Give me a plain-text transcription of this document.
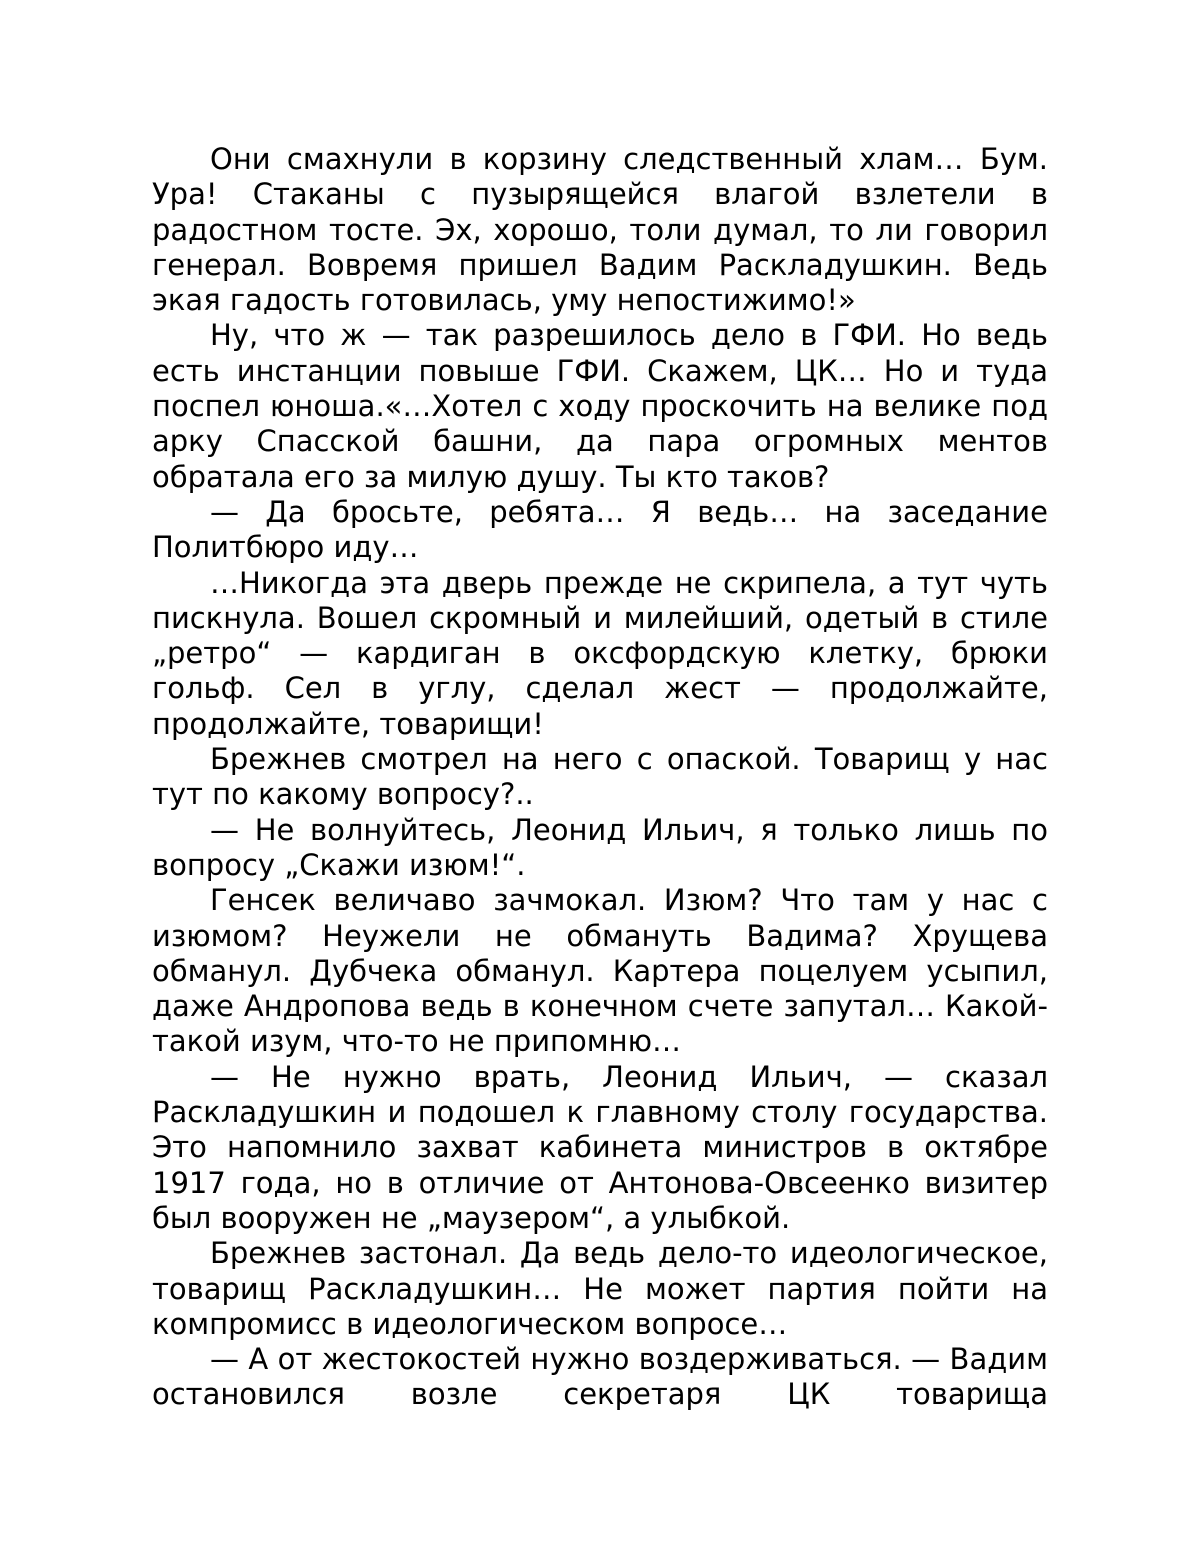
Они смахнули в корзину следственный хлам… Бум. Ура! Стаканы с пузырящейся влагой взлетели в радостном тосте. Эх, хорошо, толи думал, то ли говорил генерал. Вовремя пришел Вадим Раскладушкин. Ведь экая гадость готовилась, уму непостижимо!»

Ну, что ж — так разрешилось дело в ГФИ. Но ведь есть инстанции повыше ГФИ. Скажем, ЦК… Но и туда поспел юноша.«…Хотел с ходу проскочить на велике под арку Спасской башни, да пара огромных ментов обратала его за милую душу. Ты кто таков?

— Да бросьте, ребята… Я ведь… на заседание Политбюро иду…

…Никогда эта дверь прежде не скрипела, а тут чуть пискнула. Вошел скромный и милейший, одетый в стиле „ретро“ — кардиган в оксфордскую клетку, брюки гольф. Сел в углу, сделал жест — продолжайте, продолжайте, товарищи!

Брежнев смотрел на него с опаской. Товарищ у нас тут по какому вопросу?..

— Не волнуйтесь, Леонид Ильич, я только лишь по вопросу „Скажи изюм!“.

Генсек величаво зачмокал. Изюм? Что там у нас с изюмом? Неужели не обмануть Вадима? Хрущева обманул. Дубчека обманул. Картера поцелуем усыпил, даже Андропова ведь в конечном счете запутал… Какой-такой изум, что-то не припомню…

— Не нужно врать, Леонид Ильич, — сказал Раскладушкин и подошел к главному столу государства. Это напомнило захват кабинета министров в октябре 1917 года, но в отличие от Антонова-Овсеенко визитер был вооружен не „маузером“, а улыбкой.

Брежнев застонал. Да ведь дело-то идеологическое, товарищ Раскладушкин… Не может партия пойти на компромисс в идеологическом вопросе…

— А от жестокостей нужно воздерживаться. — Вадим остановился возле секретаря ЦК товарища
